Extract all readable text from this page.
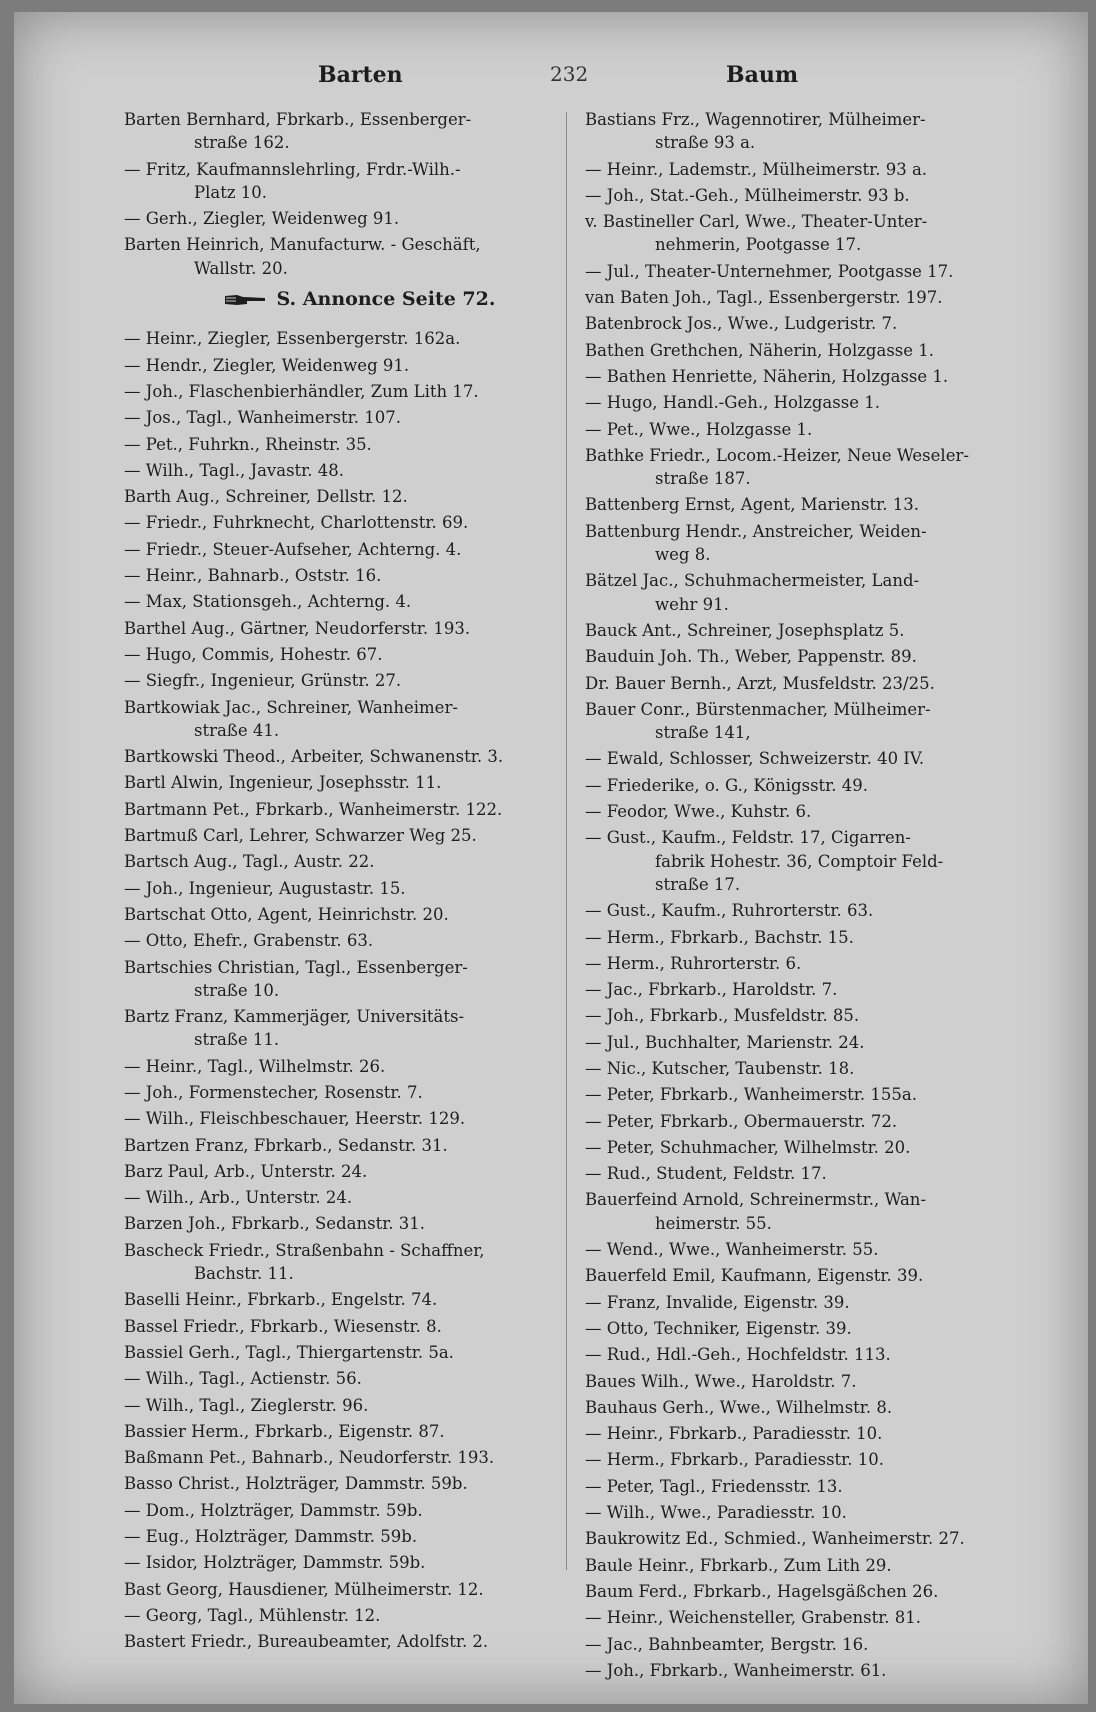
Barten	232	Baum
Barten Bernhard, Fbrkarb., Essenberger-
straße 162.
— Fritz, Kaufmannslehrling, Frdr.-Wilh.-
Platz 10.
— Gerh., Ziegler, Weidenweg 91.
Barten Heinrich, Manufacturw. - Geschäft,
Wallstr. 20.
S. Annonce Seite 72.
— Heinr., Ziegler, Essenbergerstr. 162a.
— Hendr., Ziegler, Weidenweg 91.
— Joh., Flaschenbierhändler, Zum Lith 17.
— Jos., Tagl., Wanheimerstr. 107.
— Pet., Fuhrkn., Rheinstr. 35.
— Wilh., Tagl., Javastr. 48.
Barth Aug., Schreiner, Dellstr. 12.
— Friedr., Fuhrknecht, Charlottenstr. 69.
— Friedr., Steuer-Aufseher, Achterng. 4.
— Heinr., Bahnarb., Oststr. 16.
— Max, Stationsgeh., Achterng. 4.
Barthel Aug., Gärtner, Neudorferstr. 193.
— Hugo, Commis, Hohestr. 67.
— Siegfr., Ingenieur, Grünstr. 27.
Bartkowiak Jac., Schreiner, Wanheimer-
straße 41.
Bartkowski Theod., Arbeiter, Schwanenstr. 3.
Bartl Alwin, Ingenieur, Josephsstr. 11.
Bartmann Pet., Fbrkarb., Wanheimerstr. 122.
Bartmuß Carl, Lehrer, Schwarzer Weg 25.
Bartsch Aug., Tagl., Austr. 22.
— Joh., Ingenieur, Augustastr. 15.
Bartschat Otto, Agent, Heinrichstr. 20.
— Otto, Ehefr., Grabenstr. 63.
Bartschies Christian, Tagl., Essenberger-
straße 10.
Bartz Franz, Kammerjäger, Universitäts-
straße 11.
— Heinr., Tagl., Wilhelmstr. 26.
— Joh., Formenstecher, Rosenstr. 7.
— Wilh., Fleischbeschauer, Heerstr. 129.
Bartzen Franz, Fbrkarb., Sedanstr. 31.
Barz Paul, Arb., Unterstr. 24.
— Wilh., Arb., Unterstr. 24.
Barzen Joh., Fbrkarb., Sedanstr. 31.
Bascheck Friedr., Straßenbahn - Schaffner,
Bachstr. 11.
Baselli Heinr., Fbrkarb., Engelstr. 74.
Bassel Friedr., Fbrkarb., Wiesenstr. 8.
Bassiel Gerh., Tagl., Thiergartenstr. 5a.
— Wilh., Tagl., Actienstr. 56.
— Wilh., Tagl., Zieglerstr. 96.
Bassier Herm., Fbrkarb., Eigenstr. 87.
Baßmann Pet., Bahnarb., Neudorferstr. 193.
Basso Christ., Holzträger, Dammstr. 59b.
— Dom., Holzträger, Dammstr. 59b.
— Eug., Holzträger, Dammstr. 59b.
— Isidor, Holzträger, Dammstr. 59b.
Bast Georg, Hausdiener, Mülheimerstr. 12.
— Georg, Tagl., Mühlenstr. 12.
Bastert Friedr., Bureaubeamter, Adolfstr. 2.
Bastians Frz., Wagennotirer, Mülheimer-
straße 93 a.
— Heinr., Lademstr., Mülheimerstr. 93 a.
— Joh., Stat.-Geh., Mülheimerstr. 93 b.
v. Bastineller Carl, Wwe., Theater-Unter-
nehmerin, Pootgasse 17.
— Jul., Theater-Unternehmer, Pootgasse 17.
van Baten Joh., Tagl., Essenbergerstr. 197.
Batenbrock Jos., Wwe., Ludgeristr. 7.
Bathen Grethchen, Näherin, Holzgasse 1.
— Bathen Henriette, Näherin, Holzgasse 1.
— Hugo, Handl.-Geh., Holzgasse 1.
— Pet., Wwe., Holzgasse 1.
Bathke Friedr., Locom.-Heizer, Neue Weseler-
straße 187.
Battenberg Ernst, Agent, Marienstr. 13.
Battenburg Hendr., Anstreicher, Weiden-
weg 8.
Bätzel Jac., Schuhmachermeister, Land-
wehr 91.
Bauck Ant., Schreiner, Josephsplatz 5.
Bauduin Joh. Th., Weber, Pappenstr. 89.
Dr. Bauer Bernh., Arzt, Musfeldstr. 23/25.
Bauer Conr., Bürstenmacher, Mülheimer-
straße 141,
— Ewald, Schlosser, Schweizerstr. 40 IV.
— Friederike, o. G., Königsstr. 49.
— Feodor, Wwe., Kuhstr. 6.
— Gust., Kaufm., Feldstr. 17, Cigarren-
fabrik Hohestr. 36, Comptoir Feld-
straße 17.
— Gust., Kaufm., Ruhrorterstr. 63.
— Herm., Fbrkarb., Bachstr. 15.
— Herm., Ruhrorterstr. 6.
— Jac., Fbrkarb., Haroldstr. 7.
— Joh., Fbrkarb., Musfeldstr. 85.
— Jul., Buchhalter, Marienstr. 24.
— Nic., Kutscher, Taubenstr. 18.
— Peter, Fbrkarb., Wanheimerstr. 155a.
— Peter, Fbrkarb., Obermauerstr. 72.
— Peter, Schuhmacher, Wilhelmstr. 20.
— Rud., Student, Feldstr. 17.
Bauerfeind Arnold, Schreinermstr., Wan-
heimerstr. 55.
— Wend., Wwe., Wanheimerstr. 55.
Bauerfeld Emil, Kaufmann, Eigenstr. 39.
— Franz, Invalide, Eigenstr. 39.
— Otto, Techniker, Eigenstr. 39.
— Rud., Hdl.-Geh., Hochfeldstr. 113.
Baues Wilh., Wwe., Haroldstr. 7.
Bauhaus Gerh., Wwe., Wilhelmstr. 8.
— Heinr., Fbrkarb., Paradiesstr. 10.
— Herm., Fbrkarb., Paradiesstr. 10.
— Peter, Tagl., Friedensstr. 13.
— Wilh., Wwe., Paradiesstr. 10.
Baukrowitz Ed., Schmied., Wanheimerstr. 27.
Baule Heinr., Fbrkarb., Zum Lith 29.
Baum Ferd., Fbrkarb., Hagelsgäßchen 26.
— Heinr., Weichensteller, Grabenstr. 81.
— Jac., Bahnbeamter, Bergstr. 16.
— Joh., Fbrkarb., Wanheimerstr. 61.
